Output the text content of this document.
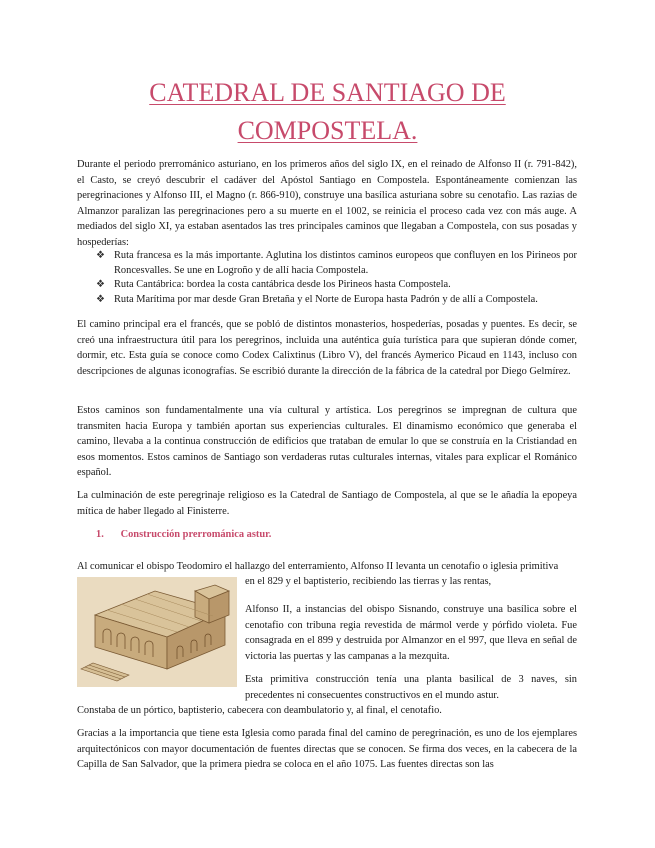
CATEDRAL DE SANTIAGO DE
COMPOSTELA.
Durante el periodo prerrománico asturiano, en los primeros años del siglo IX, en el reinado de Alfonso II (r. 791-842), el Casto, se creyó descubrir el cadáver del Apóstol Santiago en Compostela. Espontáneamente comienzan las peregrinaciones y Alfonso III, el Magno (r. 866-910), construye una basílica asturiana sobre su cenotafio. Las razias de Almanzor paralizan las peregrinaciones pero a su muerte en el 1002, se reinicia el proceso cada vez con más auge. A mediados del siglo XI, ya estaban asentados las tres principales caminos que llegaban a Compostela, con sus posadas y hospederías:
❖ Ruta francesa es la más importante. Aglutina los distintos caminos europeos que confluyen en los Pirineos por Roncesvalles. Se une en Logroño y de allí hacia Compostela.
❖ Ruta Cantábrica: bordea la costa cantábrica desde los Pirineos hasta Compostela.
❖ Ruta Marítima por mar desde Gran Bretaña y el Norte de Europa hasta Padrón y de allí a Compostela.
El camino principal era el francés, que se pobló de distintos monasterios, hospederías, posadas y puentes. Es decir, se creó una infraestructura útil para los peregrinos, incluida una auténtica guía turística para que supieran dónde comer, dormir, etc. Esta guía se conoce como Codex Calixtinus (Libro V), del francés Aymerico Picaud en 1143, incluso con descripciones de algunas iconografías. Se escribió durante la dirección de la fábrica de la catedral por Diego Gelmírez.
Estos caminos son fundamentalmente una vía cultural y artística. Los peregrinos se impregnan de cultura que transmiten hacia Europa y también aportan sus experiencias culturales. El dinamismo económico que generaba el camino, llevaba a la continua construcción de edificios que trataban de emular lo que se construía en la Cristiandad en esos momentos. Estos caminos de Santiago son verdaderas rutas culturales internas, vitales para explicar el Románico español.
La culminación de este peregrinaje religioso es la Catedral de Santiago de Compostela, al que se le añadía la epopeya mítica de haber llegado al Finisterre.
1. Construcción prerrománica astur.
Al comunicar el obispo Teodomiro el hallazgo del enterramiento, Alfonso II levanta un cenotafio o iglesia primitiva
en el 829 y el baptisterio, recibiendo las tierras y las rentas,
Alfonso II, a instancias del obispo Sisnando, construye una basílica sobre el cenotafio con tribuna regia revestida de mármol verde y pórfido violeta. Fue consagrada en el 899 y destruida por Almanzor en el 997, que lleva en señal de victoria las puertas y las campanas a la mezquita.
Esta primitiva construcción tenía una planta basilical de 3 naves, sin precedentes ni consecuentes constructivos en el mundo astur.
Constaba de un pórtico, baptisterio, cabecera con deambulatorio y, al final, el cenotafio.
Gracias a la importancia que tiene esta Iglesia como parada final del camino de peregrinación, es uno de los ejemplares arquitectónicos con mayor documentación de fuentes directas que se conocen. Se firma dos veces, en la cabecera de la Capilla de San Salvador, que la primera piedra se coloca en el año 1075. Las fuentes directas son las
